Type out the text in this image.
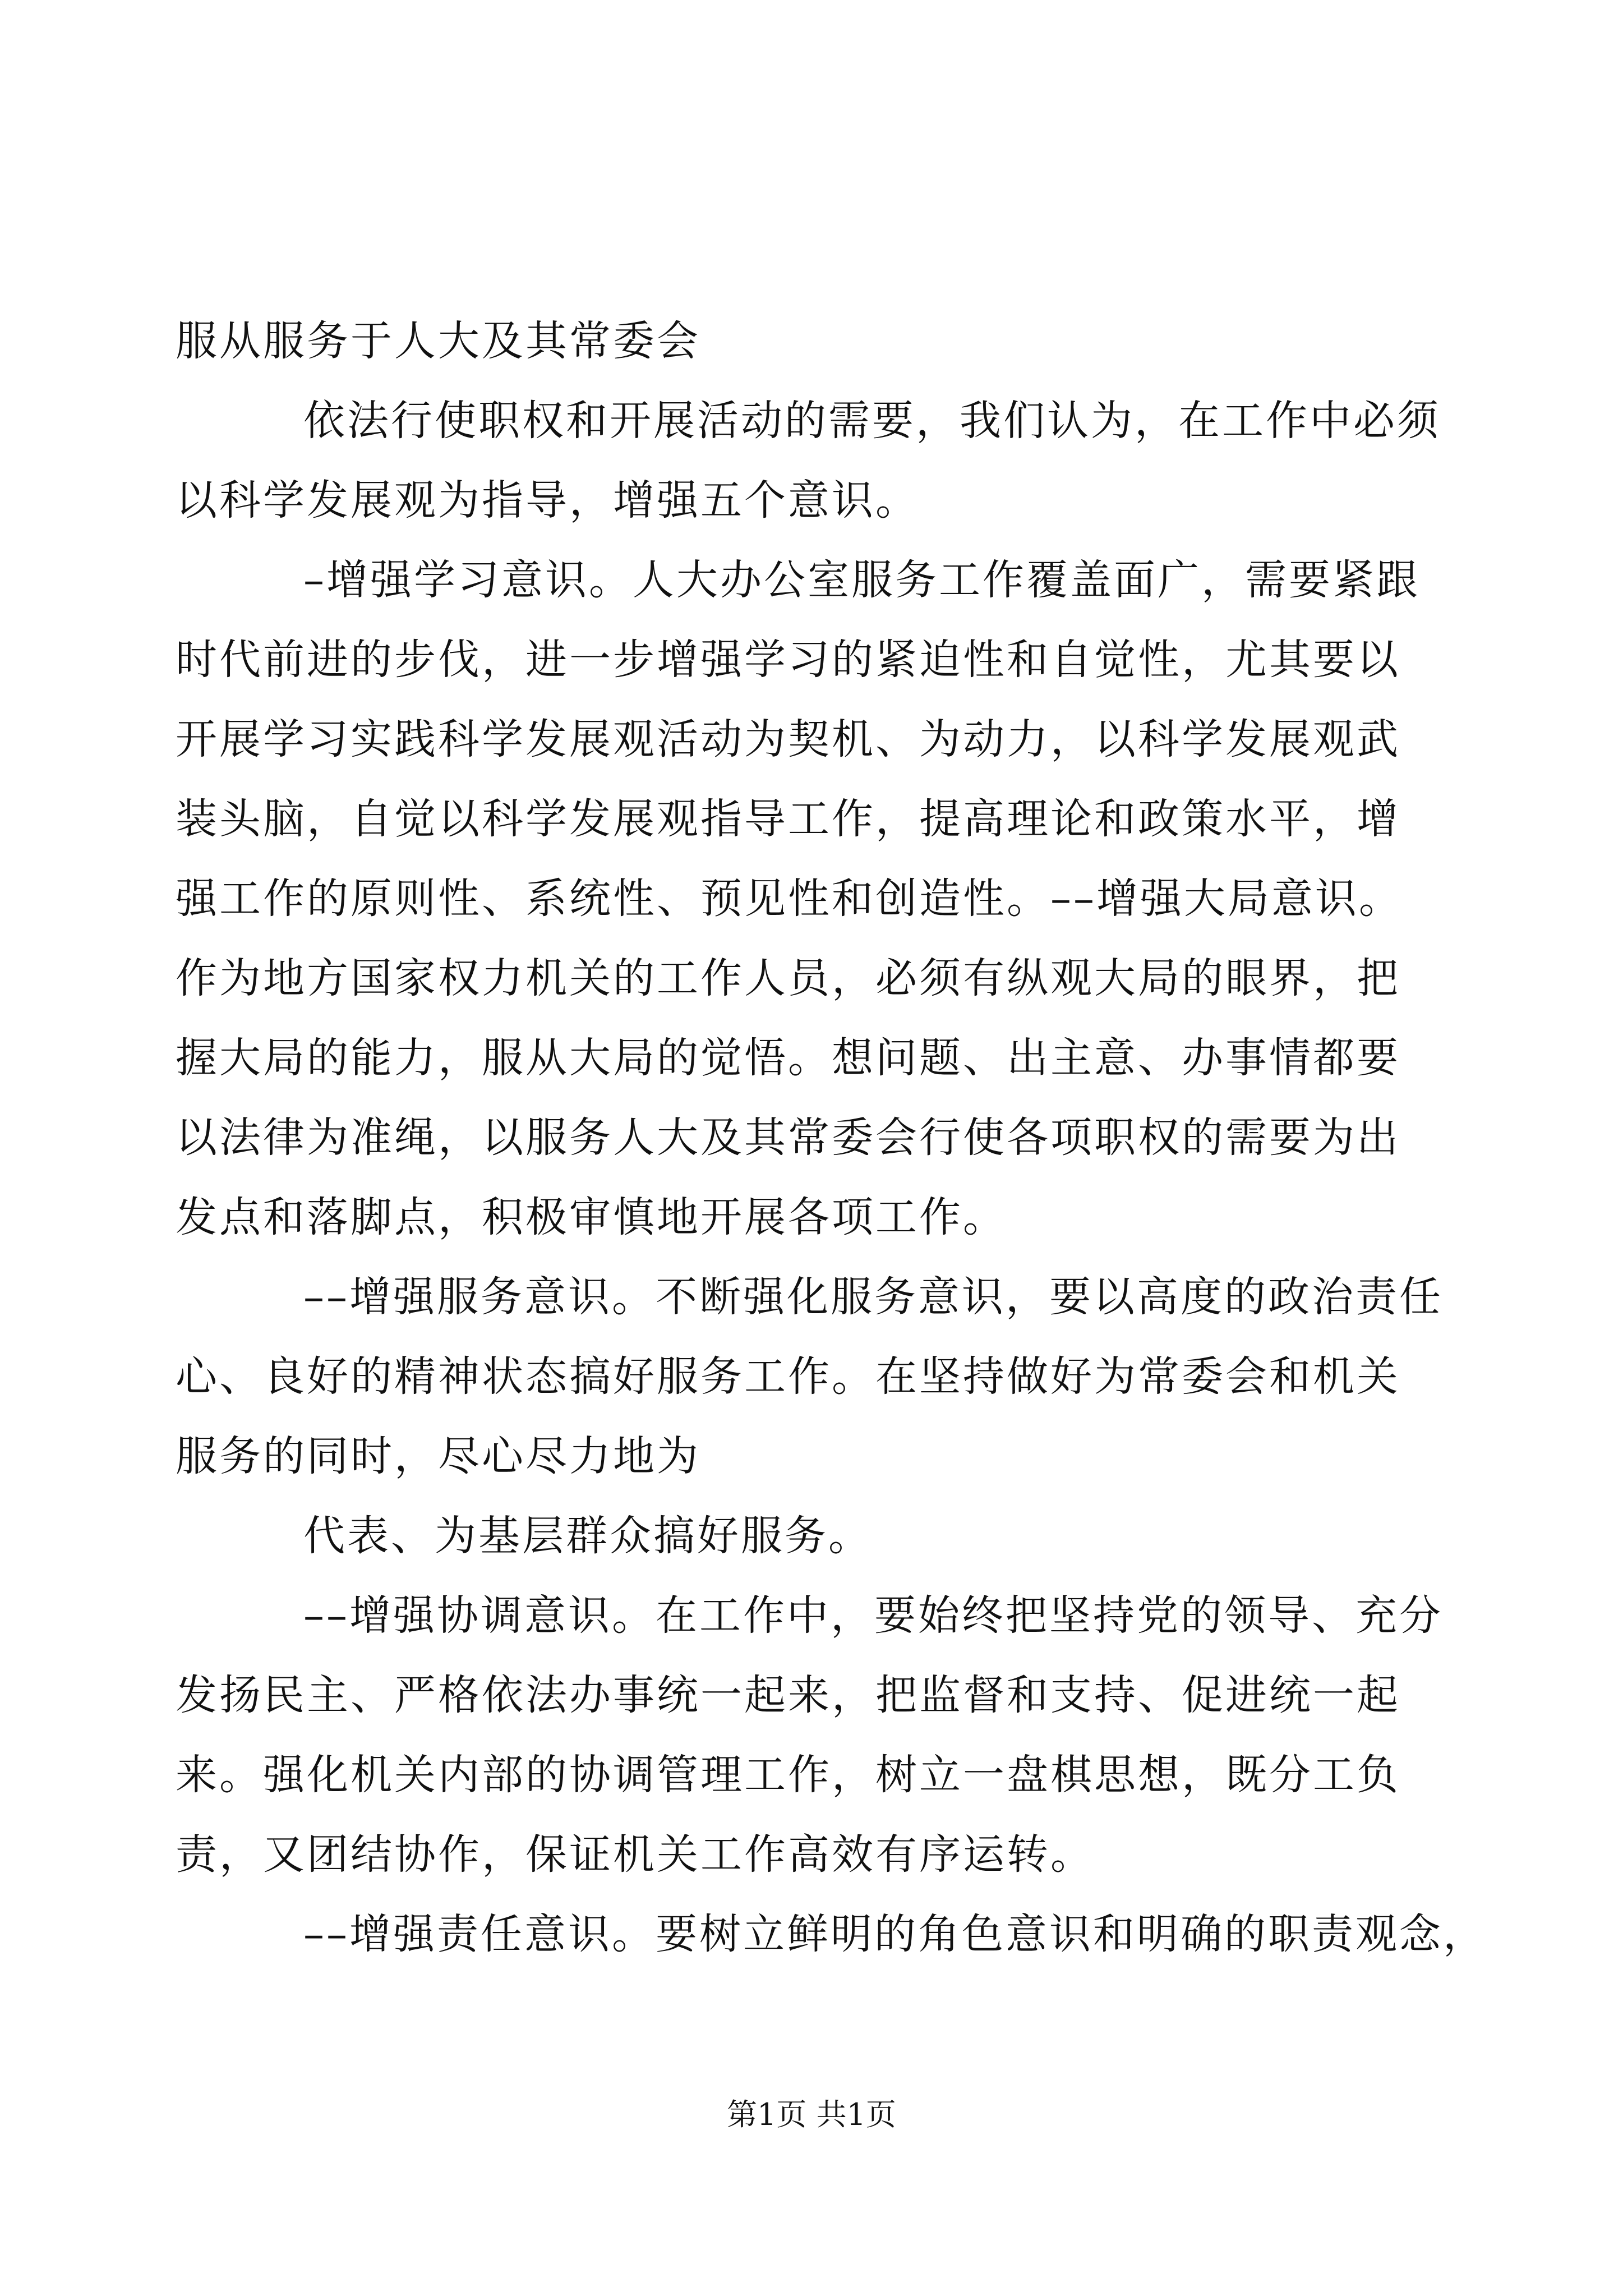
服从服务于人大及其常委会
依法行使职权和开展活动的需要，我们认为，在工作中必须
以科学发展观为指导，增强五个意识。
–增强学习意识。人大办公室服务工作覆盖面广，需要紧跟
时代前进的步伐，进一步增强学习的紧迫性和自觉性，尤其要以
开展学习实践科学发展观活动为契机、为动力，以科学发展观武
装头脑，自觉以科学发展观指导工作，提高理论和政策水平，增
强工作的原则性、系统性、预见性和创造性。––增强大局意识。
作为地方国家权力机关的工作人员，必须有纵观大局的眼界，把
握大局的能力，服从大局的觉悟。想问题、出主意、办事情都要
以法律为准绳，以服务人大及其常委会行使各项职权的需要为出
发点和落脚点，积极审慎地开展各项工作。
––增强服务意识。不断强化服务意识，要以高度的政治责任
心、良好的精神状态搞好服务工作。在坚持做好为常委会和机关
服务的同时，尽心尽力地为
代表、为基层群众搞好服务。
––增强协调意识。在工作中，要始终把坚持党的领导、充分
发扬民主、严格依法办事统一起来，把监督和支持、促进统一起
来。强化机关内部的协调管理工作，树立一盘棋思想，既分工负
责，又团结协作，保证机关工作高效有序运转。
––增强责任意识。要树立鲜明的角色意识和明确的职责观念，
第1页 共1页
